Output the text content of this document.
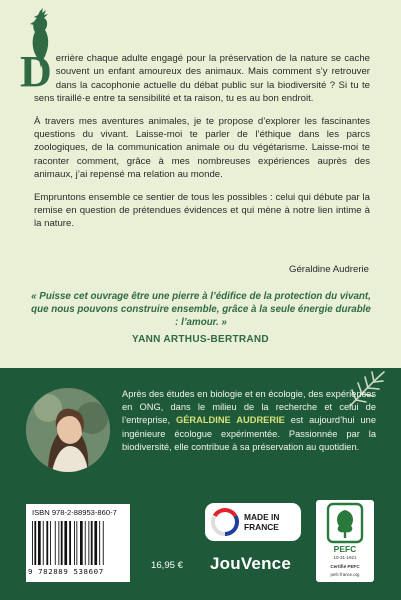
Derrière chaque adulte engagé pour la préservation de la nature se cache souvent un enfant amoureux des animaux. Mais comment s’y retrouver dans la cacophonie actuelle du débat public sur la biodiversité ? Si tu te sens tiraillé·e entre ta sensibilité et ta raison, tu es au bon endroit.

À travers mes aventures animales, je te propose d’explorer les fascinantes questions du vivant. Laisse-moi te parler de l’éthique dans les parcs zoologiques, de la communication animale ou du végétarisme. Laisse-moi te raconter comment, grâce à mes nombreuses expériences auprès des animaux, j’ai repensé ma relation au monde.

Empruntons ensemble ce sentier de tous les possibles : celui qui débute par la remise en question de prétendues évidences et qui mène à notre lien intime à la nature.

Géraldine Audrerie
« Puisse cet ouvrage être une pierre à l’édifice de la protection du vivant, que nous pouvons construire ensemble, grâce à la seule énergie durable : l’amour. »
YANN ARTHUS-BERTRAND
Après des études en biologie et en écologie, des expériences en ONG, dans le milieu de la recherche et celui de l’entreprise, GÉRALDINE AUDRERIE est aujourd’hui une ingénieure écologue expérimentée. Passionnée par la biodiversité, elle contribue à sa préservation au quotidien.
ISBN 978-2-88953-860-7
9 782889 538607
16,95 €
MADE IN
FRANCE
JouVence
PEFC
10-31-1921
Certifié PEFC
pefc-france.org
